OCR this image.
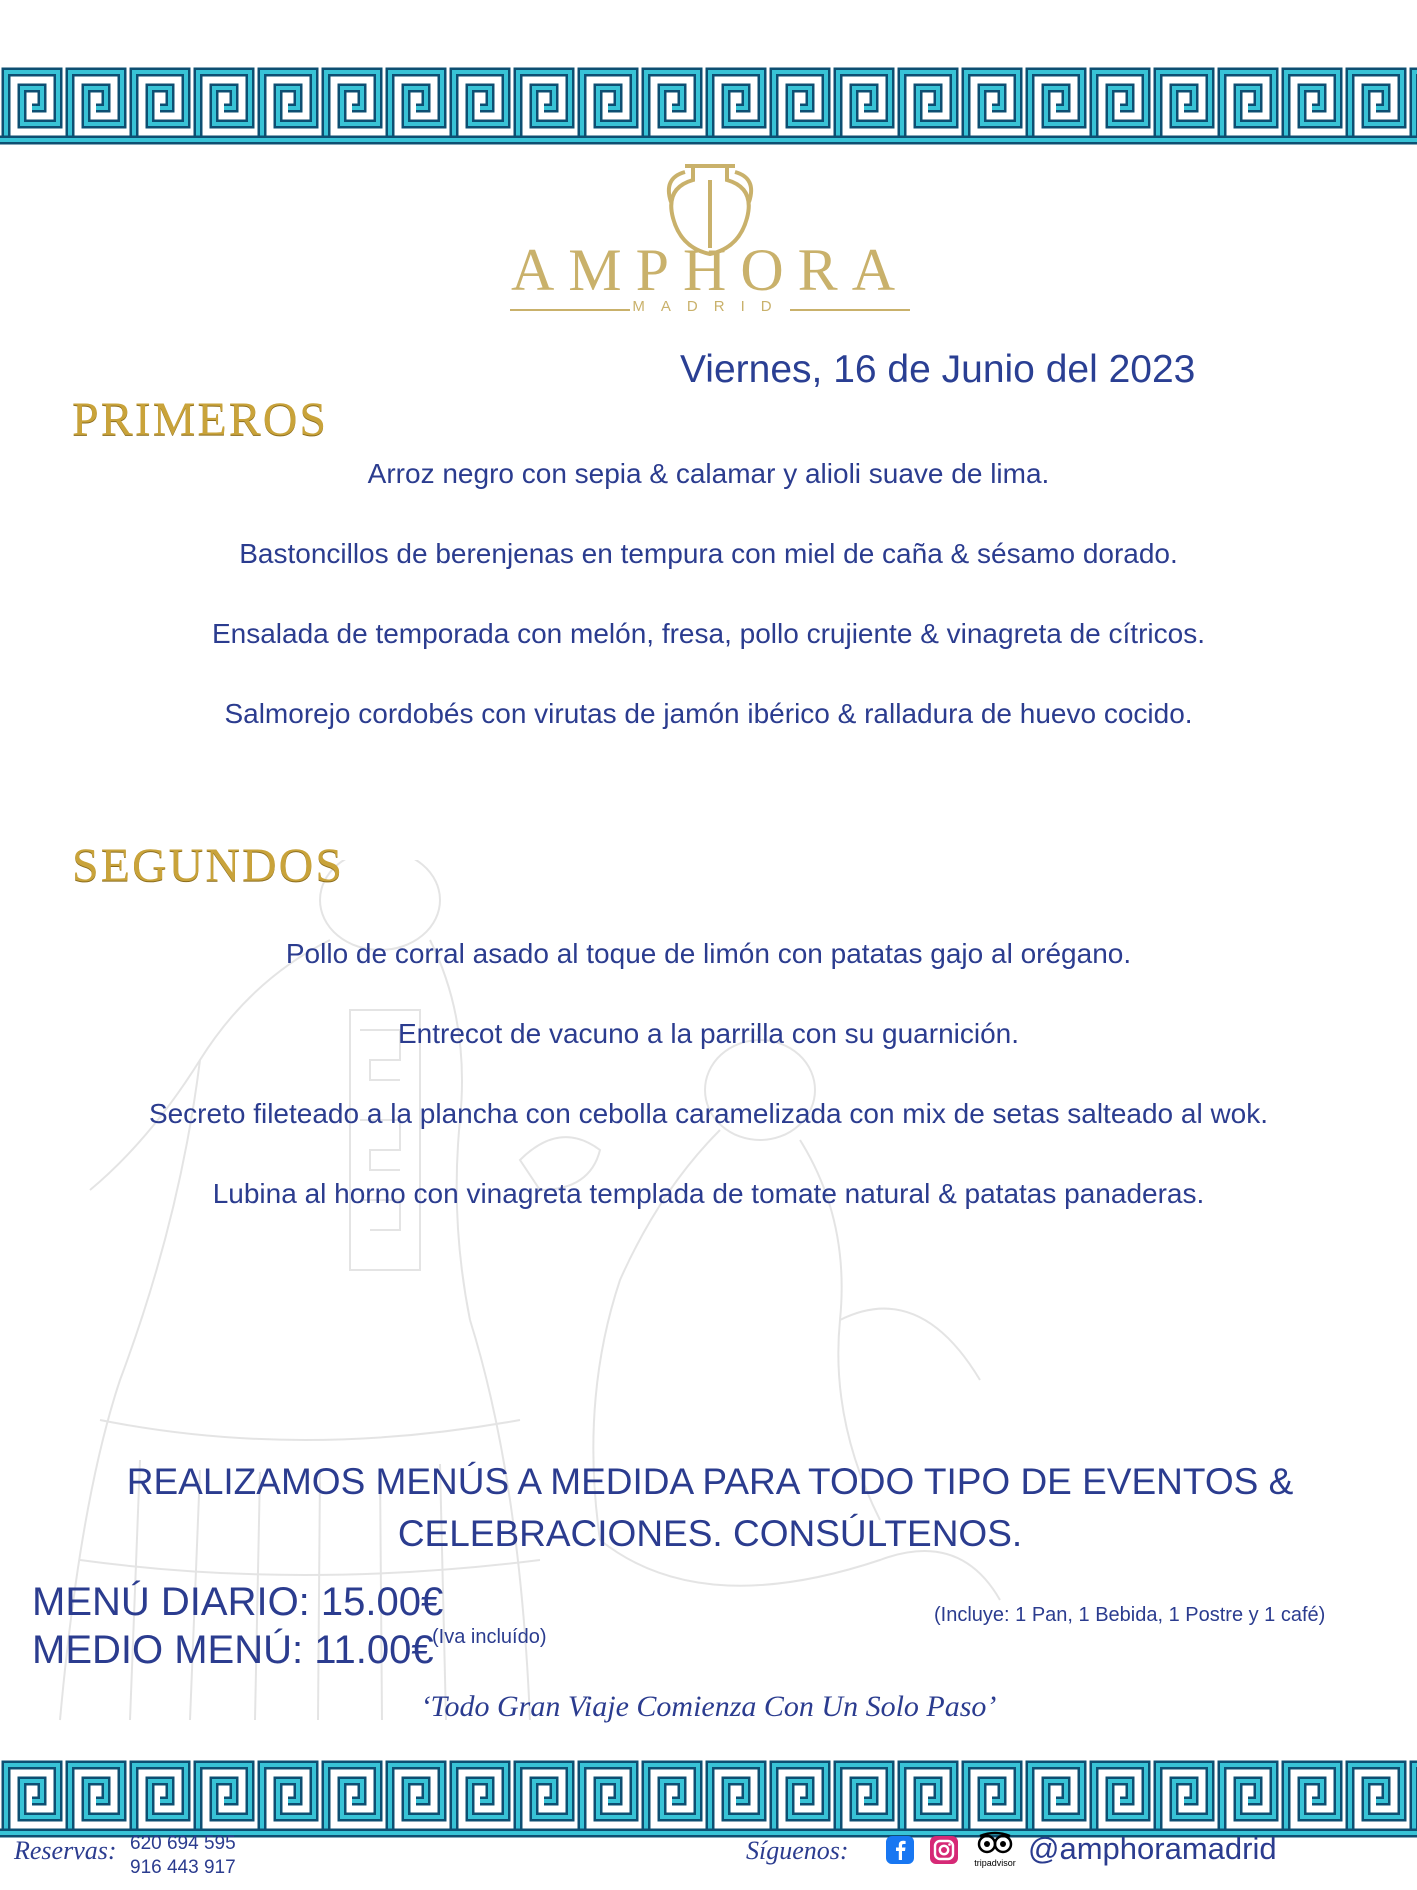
AMPHORA
MADRID
Viernes, 16 de Junio del 2023
PRIMEROS
Arroz negro con sepia & calamar y alioli suave de lima.
Bastoncillos de berenjenas en tempura con miel de caña & sésamo dorado.
Ensalada de temporada con melón, fresa, pollo crujiente & vinagreta de cítricos.
Salmorejo cordobés con virutas de jamón ibérico & ralladura de huevo cocido.
SEGUNDOS
Pollo de corral asado al toque de limón con patatas gajo al orégano.
Entrecot de vacuno a la parrilla con su guarnición.
Secreto fileteado a la plancha con cebolla caramelizada con mix de setas salteado al wok.
Lubina al horno con vinagreta templada de tomate natural & patatas panaderas.
REALIZAMOS MENÚS A MEDIDA PARA TODO TIPO DE EVENTOS &
CELEBRACIONES. CONSÚLTENOS.
MENÚ DIARIO: 15.00€
MEDIO MENÚ: 11.00€
(Iva incluído)
(Incluye: 1 Pan, 1 Bebida, 1 Postre y 1 café)
‘Todo Gran Viaje Comienza Con Un Solo Paso’
Reservas: 620 694 595
916 443 917
Síguenos:	tripadvisor @amphoramadrid
